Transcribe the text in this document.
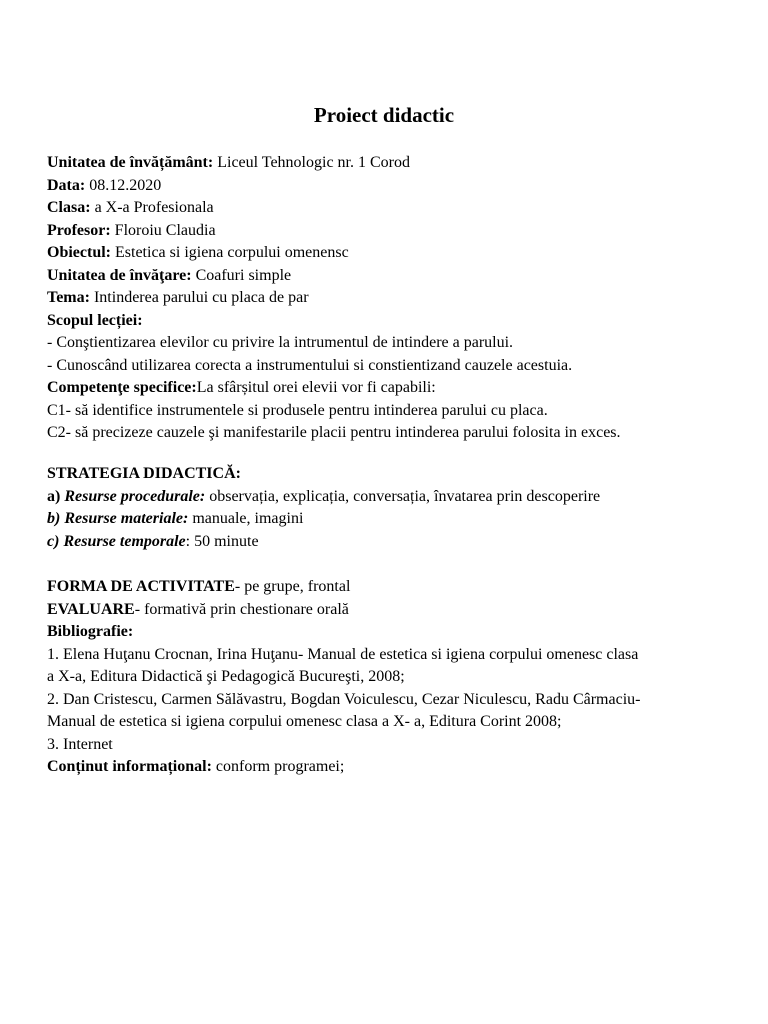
Proiect didactic
Unitatea de învățământ: Liceul Tehnologic nr. 1 Corod
Data: 08.12.2020
Clasa: a X-a Profesionala
Profesor: Floroiu Claudia
Obiectul: Estetica si igiena corpului omenensc
Unitatea de învăţare: Coafuri simple
Tema: Intinderea parului cu placa de par
Scopul lecției:
- Conştientizarea elevilor cu privire la intrumentul de intindere a parului.
- Cunoscând utilizarea corecta a instrumentului si constientizand cauzele acestuia.
Competenţe specifice:La sfârșitul orei elevii vor fi capabili:
C1- să identifice instrumentele si produsele pentru intinderea parului cu placa.
C2- să precizeze cauzele şi manifestarile placii pentru intinderea parului folosita in exces.
STRATEGIA DIDACTICĂ:
a) Resurse procedurale: observația, explicația, conversația, învatarea prin descoperire
b) Resurse materiale: manuale, imagini
c) Resurse temporale: 50 minute
FORMA DE ACTIVITATE- pe grupe, frontal
EVALUARE- formativă prin chestionare orală
Bibliografie:
1. Elena Huţanu Crocnan, Irina Huţanu- Manual de estetica si igiena corpului omenesc clasa
a X-a, Editura Didactică şi Pedagogică Bucureşti, 2008;
2. Dan Cristescu, Carmen Sălăvastru, Bogdan Voiculescu, Cezar Niculescu, Radu Cârmaciu-
Manual de estetica si igiena corpului omenesc clasa a X- a, Editura Corint 2008;
3. Internet
Conținut informațional: conform programei;
